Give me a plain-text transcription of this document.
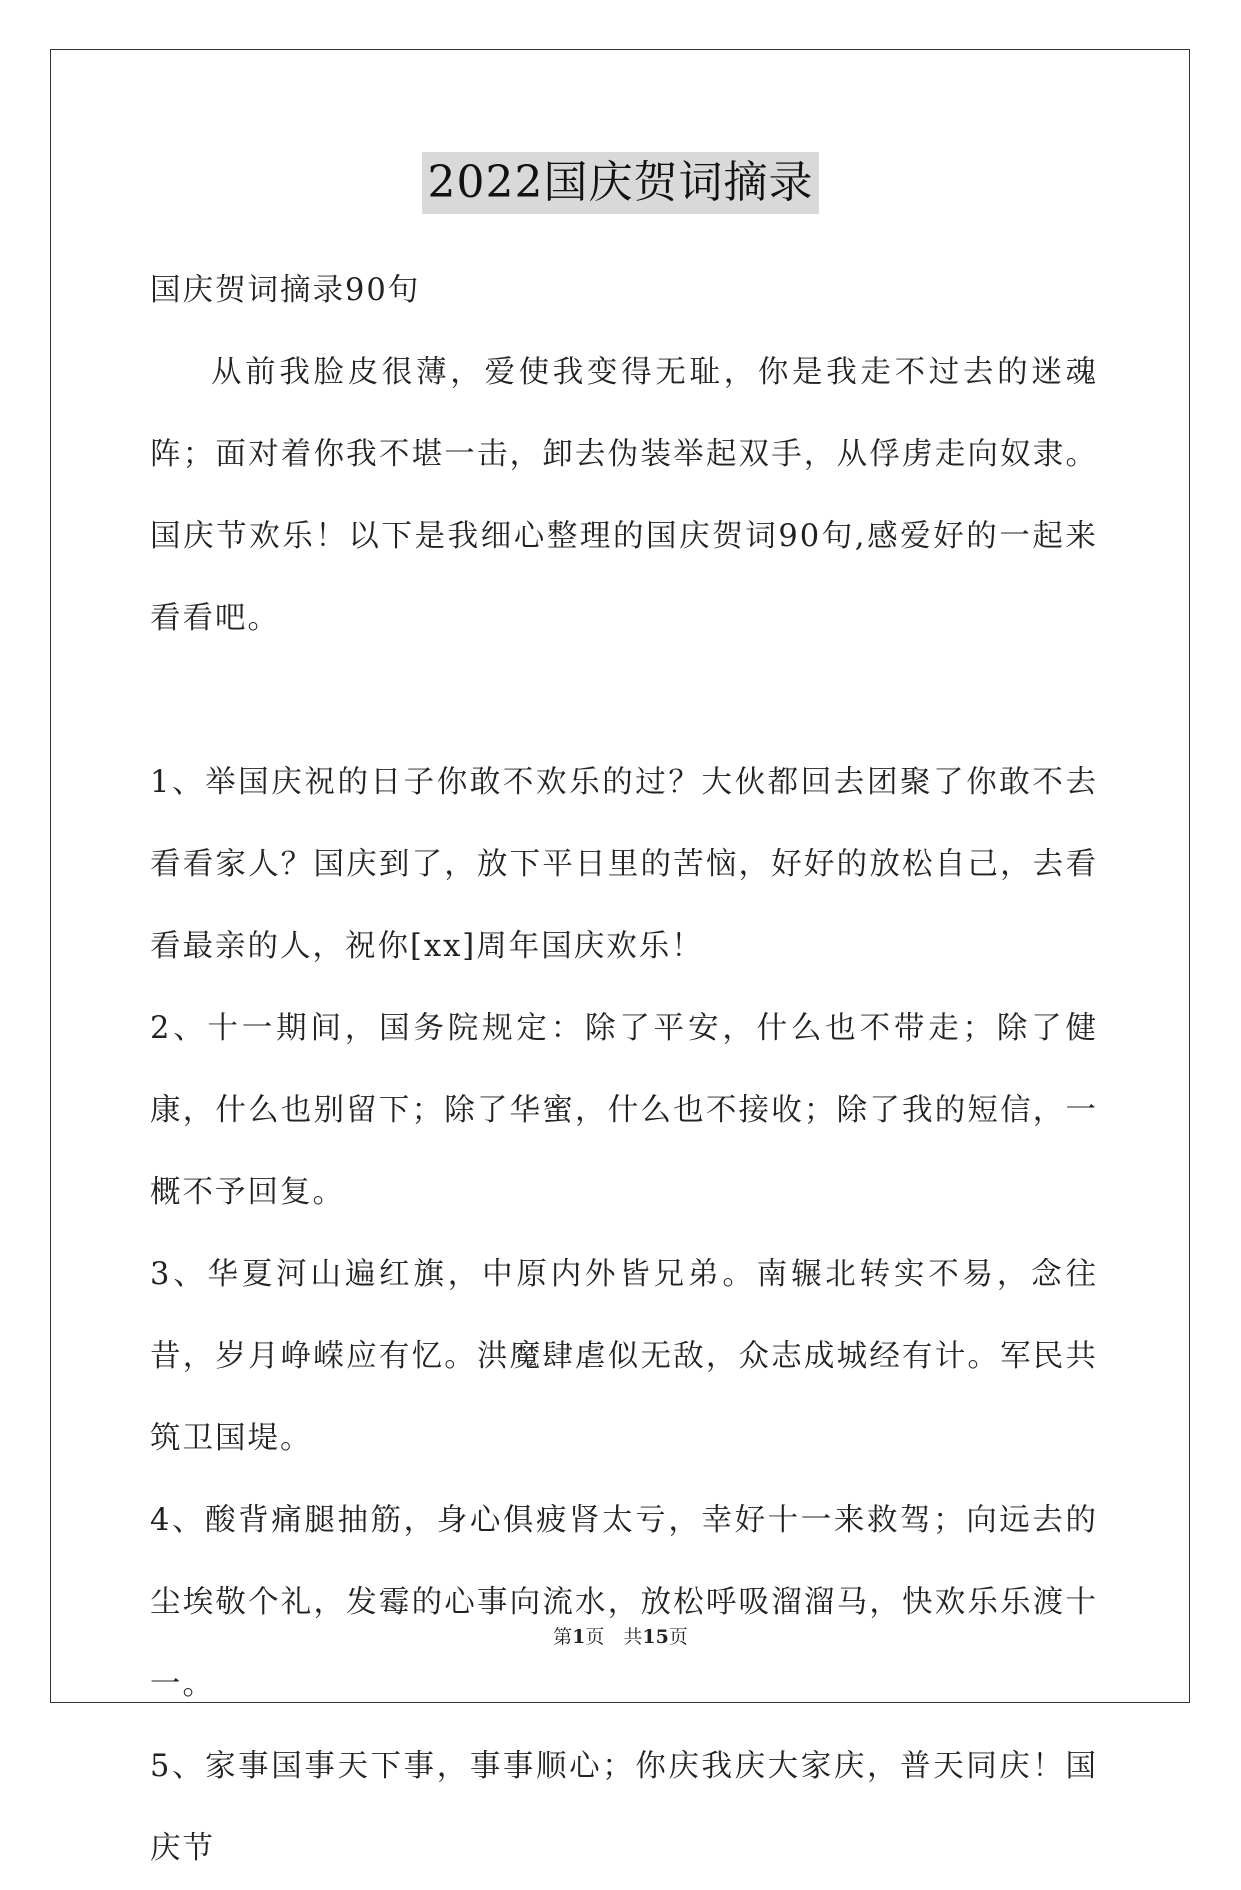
2022国庆贺词摘录

国庆贺词摘录90句

从前我脸皮很薄，爱使我变得无耻，你是我走不过去的迷魂阵；面对着你我不堪一击，卸去伪装举起双手，从俘虏走向奴隶。国庆节欢乐！以下是我细心整理的国庆贺词90句,感爱好的一起来看看吧。

1、举国庆祝的日子你敢不欢乐的过？大伙都回去团聚了你敢不去看看家人？国庆到了，放下平日里的苦恼，好好的放松自己，去看看最亲的人，祝你[xx]周年国庆欢乐！

2、十一期间，国务院规定：除了平安，什么也不带走；除了健康，什么也别留下；除了华蜜，什么也不接收；除了我的短信，一概不予回复。

3、华夏河山遍红旗，中原内外皆兄弟。南辗北转实不易，念往昔，岁月峥嵘应有忆。洪魔肆虐似无敌，众志成城经有计。军民共筑卫国堤。

4、酸背痛腿抽筋，身心俱疲肾太亏，幸好十一来救驾；向远去的尘埃敬个礼，发霉的心事向流水，放松呼吸溜溜马，快欢乐乐渡十一。

5、家事国事天下事，事事顺心；你庆我庆大家庆，普天同庆！国庆节

第1页　共15页
